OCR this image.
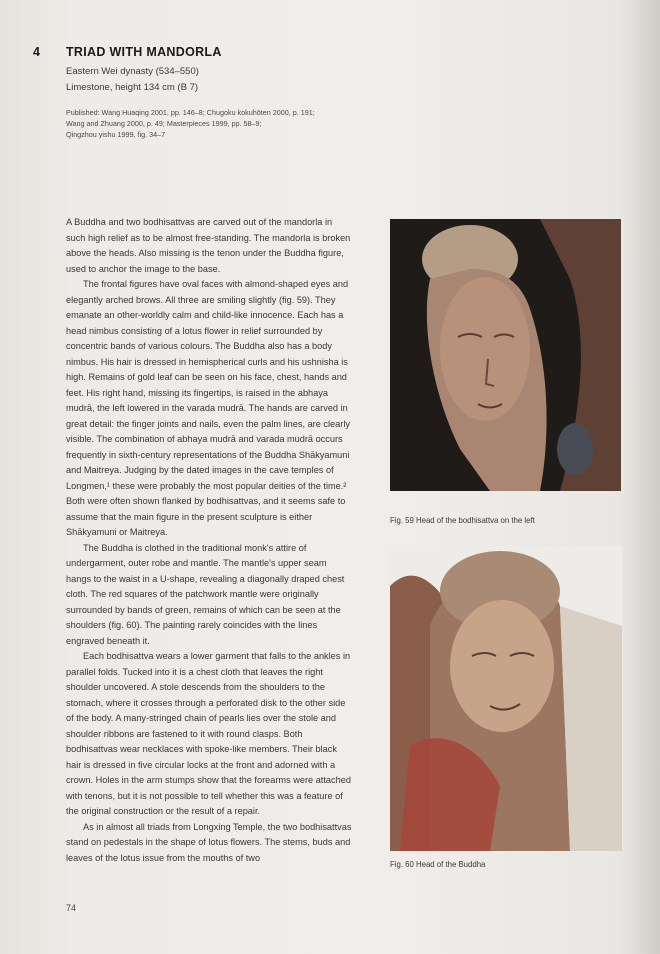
4 TRIAD WITH MANDORLA
Eastern Wei dynasty (534–550)
Limestone, height 134 cm (B 7)
Published: Wang Huaqing 2001, pp. 146–8; Chugoku kokuhōten 2000, p. 191;
Wang and Zhuang 2000, p. 49; Masterpieces 1999, pp. 58–9;
Qingzhou yishu 1999, fig. 34–7

A Buddha and two bodhisattvas are carved out of the mandorla in such high relief as to be almost free-standing. The mandorla is broken above the heads. Also missing is the tenon under the Buddha figure, used to anchor the image to the base.

The frontal figures have oval faces with almond-shaped eyes and elegantly arched brows. All three are smiling slightly (fig. 59). They emanate an other-worldly calm and child-like innocence. Each has a head nimbus consisting of a lotus flower in relief surrounded by concentric bands of various colours. The Buddha also has a body nimbus. His hair is dressed in hemispherical curls and his ushnisha is high. Remains of gold leaf can be seen on his face, chest, hands and feet. His right hand, missing its fingertips, is raised in the abhaya mudrā, the left lowered in the varada mudrā. The hands are carved in great detail: the finger joints and nails, even the palm lines, are clearly visible. The combination of abhaya mudrā and varada mudrā occurs frequently in sixth-century representations of the Buddha Shākyamuni and Maitreya. Judging by the dated images in the cave temples of Longmen,¹ these were probably the most popular deities of the time.² Both were often shown flanked by bodhisattvas, and it seems safe to assume that the main figure in the present sculpture is either Shākyamuni or Maitreya.

The Buddha is clothed in the traditional monk's attire of undergarment, outer robe and mantle. The mantle's upper seam hangs to the waist in a U-shape, revealing a diagonally draped chest cloth. The red squares of the patchwork mantle were originally surrounded by bands of green, remains of which can be seen at the shoulders (fig. 60). The painting rarely coincides with the lines engraved beneath it.

Each bodhisattva wears a lower garment that falls to the ankles in parallel folds. Tucked into it is a chest cloth that leaves the right shoulder uncovered. A stole descends from the shoulders to the stomach, where it crosses through a perforated disk to the other side of the body. A many-stringed chain of pearls lies over the stole and shoulder ribbons are fastened to it with round clasps. Both bodhisattvas wear necklaces with spoke-like members. Their black hair is dressed in five circular locks at the front and adorned with a crown. Holes in the arm stumps show that the forearms were attached with tenons, but it is not possible to tell whether this was a feature of the original construction or the result of a repair.

As in almost all triads from Longxing Temple, the two bodhisattvas stand on pedestals in the shape of lotus flowers. The stems, buds and leaves of the lotus issue from the mouths of two

Fig. 59 Head of the bodhisattva on the left
Fig. 60 Head of the Buddha
74
